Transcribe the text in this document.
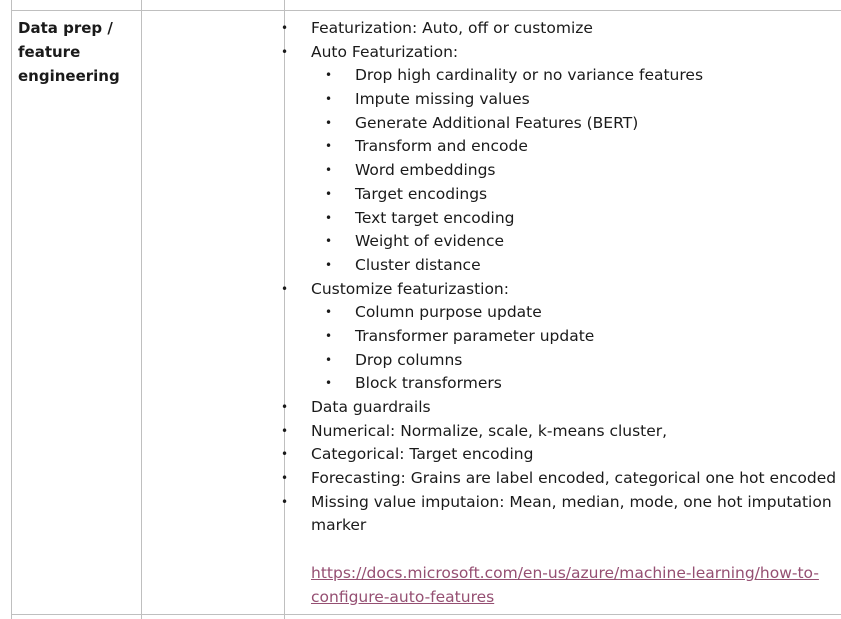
Data prep /
feature
engineering
• Featurization: Auto, off or customize
• Auto Featurization:
• Drop high cardinality or no variance features
• Impute missing values
• Generate Additional Features (BERT)
• Transform and encode
• Word embeddings
• Target encodings
• Text target encoding
• Weight of evidence
• Cluster distance
• Customize featurizastion:
• Column purpose update
• Transformer parameter update
• Drop columns
• Block transformers
• Data guardrails
• Numerical: Normalize, scale, k-means cluster,
• Categorical: Target encoding
• Forecasting: Grains are label encoded, categorical one hot encoded
• Missing value imputaion: Mean, median, mode, one hot imputation
marker
https://docs.microsoft.com/en-us/azure/machine-learning/how-to-
configure-auto-features
